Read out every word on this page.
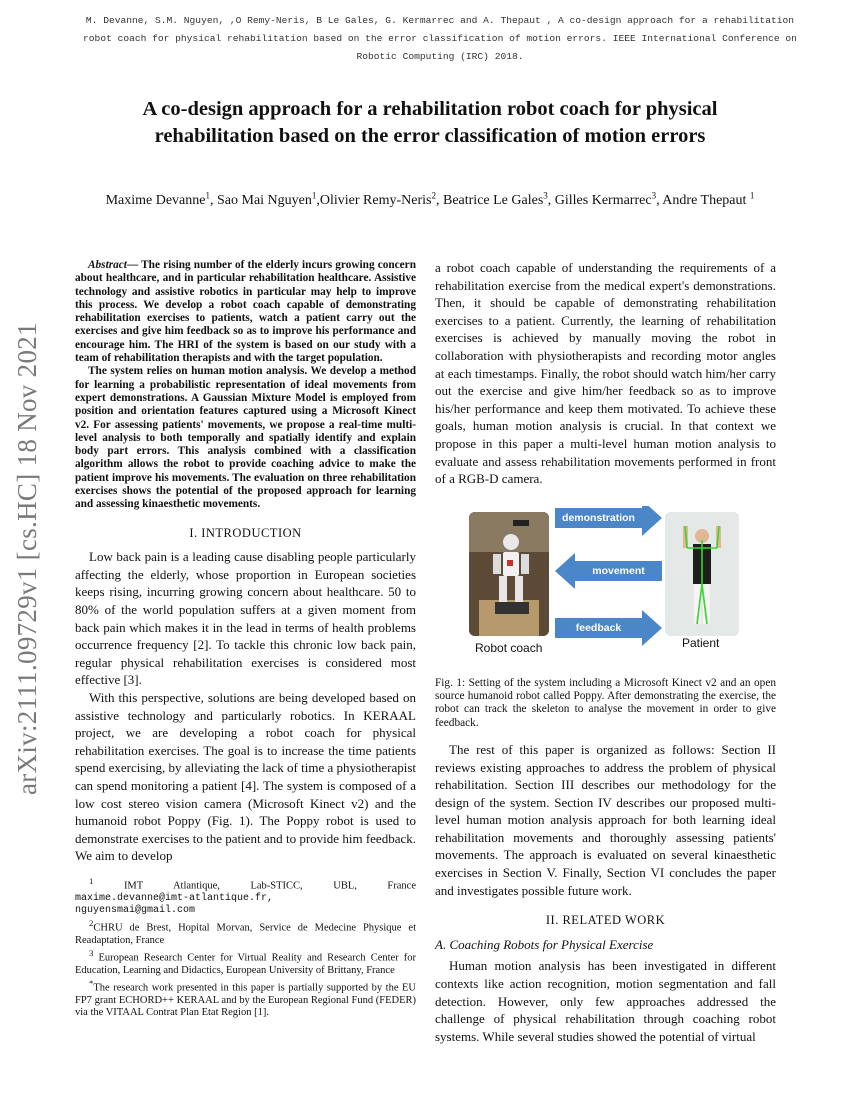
M. Devanne, S.M. Nguyen, ,O Remy-Neris, B Le Gales, G. Kermarrec and A. Thepaut , A co-design approach for a rehabilitation
robot coach for physical rehabilitation based on the error classification of motion errors. IEEE International Conference on
Robotic Computing (IRC) 2018.
arXiv:2111.09729v1 [cs.HC] 18 Nov 2021
A co-design approach for a rehabilitation robot coach for physical
rehabilitation based on the error classification of motion errors
Maxime Devanne$^1$, Sao Mai Nguyen$^1$,Olivier Remy-Neris$^2$, Beatrice Le Gales$^3$, Gilles Kermarrec$^3$, Andre Thepaut $^1$

Abstract— The rising number of the elderly incurs growing concern about healthcare, and in particular rehabilitation healthcare. Assistive technology and assistive robotics in particular may help to improve this process. We develop a robot coach capable of demonstrating rehabilitation exercises to patients, watch a patient carry out the exercises and give him feedback so as to improve his performance and encourage him. The HRI of the system is based on our study with a team of rehabilitation therapists and with the target population.

The system relies on human motion analysis. We develop a method for learning a probabilistic representation of ideal movements from expert demonstrations. A Gaussian Mixture Model is employed from position and orientation features captured using a Microsoft Kinect v2. For assessing patients' movements, we propose a real-time multi-level analysis to both temporally and spatially identify and explain body part errors. This analysis combined with a classification algorithm allows the robot to provide coaching advice to make the patient improve his movements. The evaluation on three rehabilitation exercises shows the potential of the proposed approach for learning and assessing kinaesthetic movements.

I. INTRODUCTION

Low back pain is a leading cause disabling people particularly affecting the elderly, whose proportion in European societies keeps rising, incurring growing concern about healthcare. 50 to 80% of the world population suffers at a given moment from back pain which makes it in the lead in terms of health problems occurrence frequency [2]. To tackle this chronic low back pain, regular physical rehabilitation exercises is considered most effective [3].

With this perspective, solutions are being developed based on assistive technology and particularly robotics. In KERAAL project, we are developing a robot coach for physical rehabilitation exercises. The goal is to increase the time patients spend exercising, by alleviating the lack of time a physiotherapist can spend monitoring a patient [4]. The system is composed of a low cost stereo vision camera (Microsoft Kinect v2) and the humanoid robot Poppy (Fig. 1). The Poppy robot is used to demonstrate exercises to the patient and to provide him feedback. We aim to develop

$^1$	IMT Atlantique, Lab-STICC, UBL, France

maxime.devanne@imt-atlantique.fr,

nguyensmai@gmail.com

$^2$CHRU de Brest, Hopital Morvan, Service de Medecine Physique et Readaptation, France

$^3$ European Research Center for Virtual Reality and Research Center for Education, Learning and Didactics, European University of Brittany, France

*The research work presented in this paper is partially supported by the EU FP7 grant ECHORD++ KERAAL and by the European Regional Fund (FEDER) via the VITAAL Contrat Plan Etat Region [1].

a robot coach capable of understanding the requirements of a rehabilitation exercise from the medical expert's demonstrations. Then, it should be capable of demonstrating rehabilitation exercises to a patient. Currently, the learning of rehabilitation exercises is achieved by manually moving the robot in collaboration with physiotherapists and recording motor angles at each timestamps. Finally, the robot should watch him/her carry out the exercise and give him/her feedback so as to improve his/her performance and keep them motivated. To achieve these goals, human motion analysis is crucial. In that context we propose in this paper a multi-level human motion analysis to evaluate and assess rehabilitation movements performed in front of a RGB-D camera.

demonstration
movement
feedback
Robot coach	Patient

Fig. 1: Setting of the system including a Microsoft Kinect v2 and an open source humanoid robot called Poppy. After demonstrating the exercise, the robot can track the skeleton to analyse the movement in order to give feedback.

The rest of this paper is organized as follows: Section II reviews existing approaches to address the problem of physical rehabilitation. Section III describes our methodology for the design of the system. Section IV describes our proposed multi-level human motion analysis approach for both learning ideal rehabilitation movements and thoroughly assessing patients' movements. The approach is evaluated on several kinaesthetic exercises in Section V. Finally, Section VI concludes the paper and investigates possible future work.

II. RELATED WORK
A. Coaching Robots for Physical Exercise

Human motion analysis has been investigated in different contexts like action recognition, motion segmentation and fall detection. However, only few approaches addressed the challenge of physical rehabilitation through coaching robot systems. While several studies showed the potential of virtual
